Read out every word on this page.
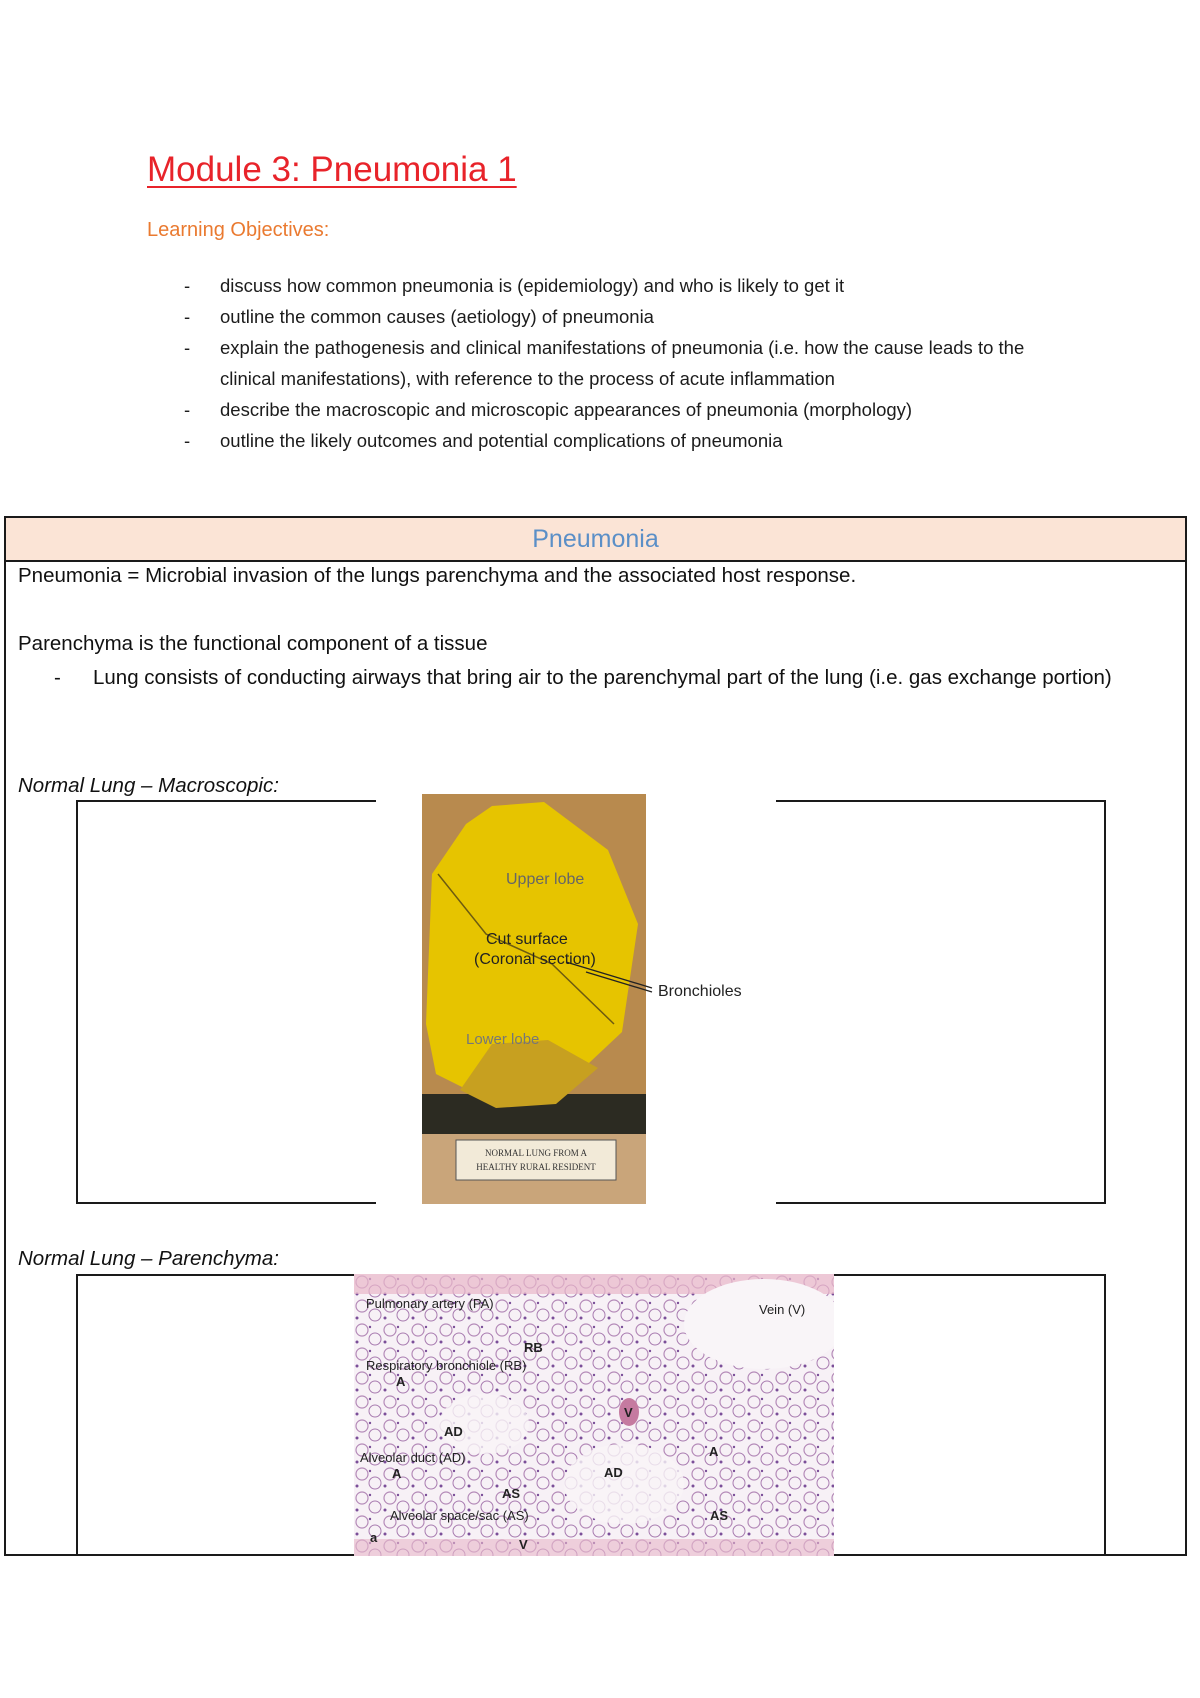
Module 3: Pneumonia 1
Learning Objectives:
- discuss how common pneumonia is (epidemiology) and who is likely to get it
- outline the common causes (aetiology) of pneumonia
- explain the pathogenesis and clinical manifestations of pneumonia (i.e. how the cause leads to the clinical manifestations), with reference to the process of acute inflammation
- describe the macroscopic and microscopic appearances of pneumonia (morphology)
- outline the likely outcomes and potential complications of pneumonia
Pneumonia
Pneumonia = Microbial invasion of the lungs parenchyma and the associated host response.
Parenchyma is the functional component of a tissue
- Lung consists of conducting airways that bring air to the parenchymal part of the lung (i.e. gas exchange portion)
Normal Lung – Macroscopic:
Upper lobe
Cut surface
(Coronal section)
Bronchioles
Lower lobe
NORMAL LUNG FROM A
HEALTHY RURAL RESIDENT
Normal Lung – Parenchyma:
Pulmonary artery (PA)	Vein (V)
RB
Respiratory bronchiole (RB)
A
V
AD
A
Alveolar duct (AD)
A	AD
AS
Alveolar space/sac (AS)	AS
a	V
